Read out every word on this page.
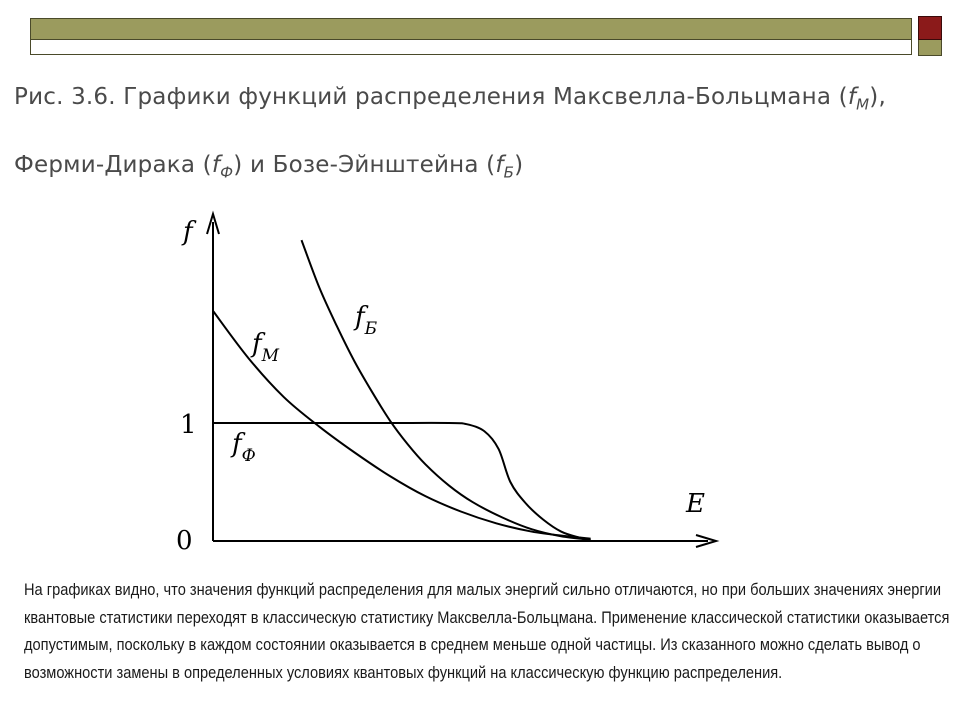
Рис. 3.6. Графики функций распределения Максвелла-Больцмана $(f_M)$,
Ферми-Дирака $(f_Ф)$ и Бозе-Эйнштейна $(f_Б)$
f
E
1
0
$f_M$
$f_Б$
$f_Ф$
На графиках видно, что значения функций распределения для малых энергий сильно отличаются, но при больших значениях энергии
квантовые статистики переходят в классическую статистику Максвелла-Больцмана. Применение классической статистики оказывается
допустимым, поскольку в каждом состоянии оказывается в среднем меньше одной частицы. Из сказанного можно сделать вывод о
возможности замены в определенных условиях квантовых функций на классическую функцию распределения.
